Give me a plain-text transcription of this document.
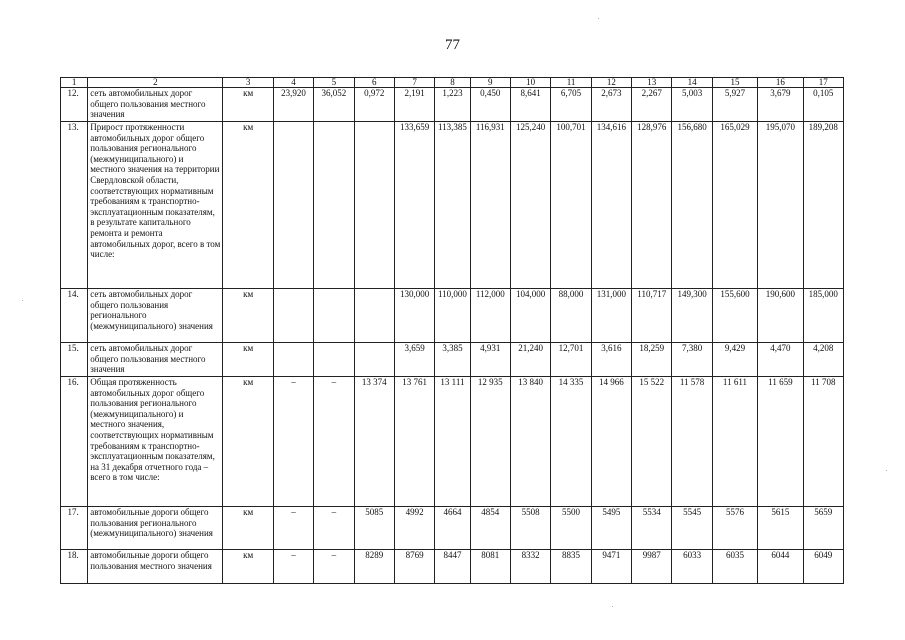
77
1	2	3	4	5	6	7	8	9	10	11	12	13	14	15	16	17
12.	сеть автомобильных дорог общего пользования местного значения	км	23,920	36,052	0,972	2,191	1,223	0,450	8,641	6,705	2,673	2,267	5,003	5,927	3,679	0,105
13.	Прирост протяженности автомобильных дорог общего пользования регионального (межмуниципального) и местного значения на территории Свердловской области, соответствующих нормативным требованиям к транспортно-эксплуатационным показателям, в результате капитального ремонта и ремонта автомобильных дорог, всего в том числе:	км				133,659	113,385	116,931	125,240	100,701	134,616	128,976	156,680	165,029	195,070	189,208
14.	сеть автомобильных дорог общего пользования регионального (межмуниципального) значения	км				130,000	110,000	112,000	104,000	88,000	131,000	110,717	149,300	155,600	190,600	185,000
15.	сеть автомобильных дорог общего пользования местного значения	км				3,659	3,385	4,931	21,240	12,701	3,616	18,259	7,380	9,429	4,470	4,208
16.	Общая протяженность автомобильных дорог общего пользования регионального (межмуниципального) и местного значения, соответствующих нормативным требованиям к транспортно-эксплуатационным показателям, на 31 декабря отчетного года – всего в том числе:	км	–	–	13 374	13 761	13 111	12 935	13 840	14 335	14 966	15 522	11 578	11 611	11 659	11 708
17.	автомобильные дороги общего пользования регионального (межмуниципального) значения	км	–	–	5085	4992	4664	4854	5508	5500	5495	5534	5545	5576	5615	5659
18.	автомобильные дороги общего пользования местного значения	км	–	–	8289	8769	8447	8081	8332	8835	9471	9987	6033	6035	6044	6049
